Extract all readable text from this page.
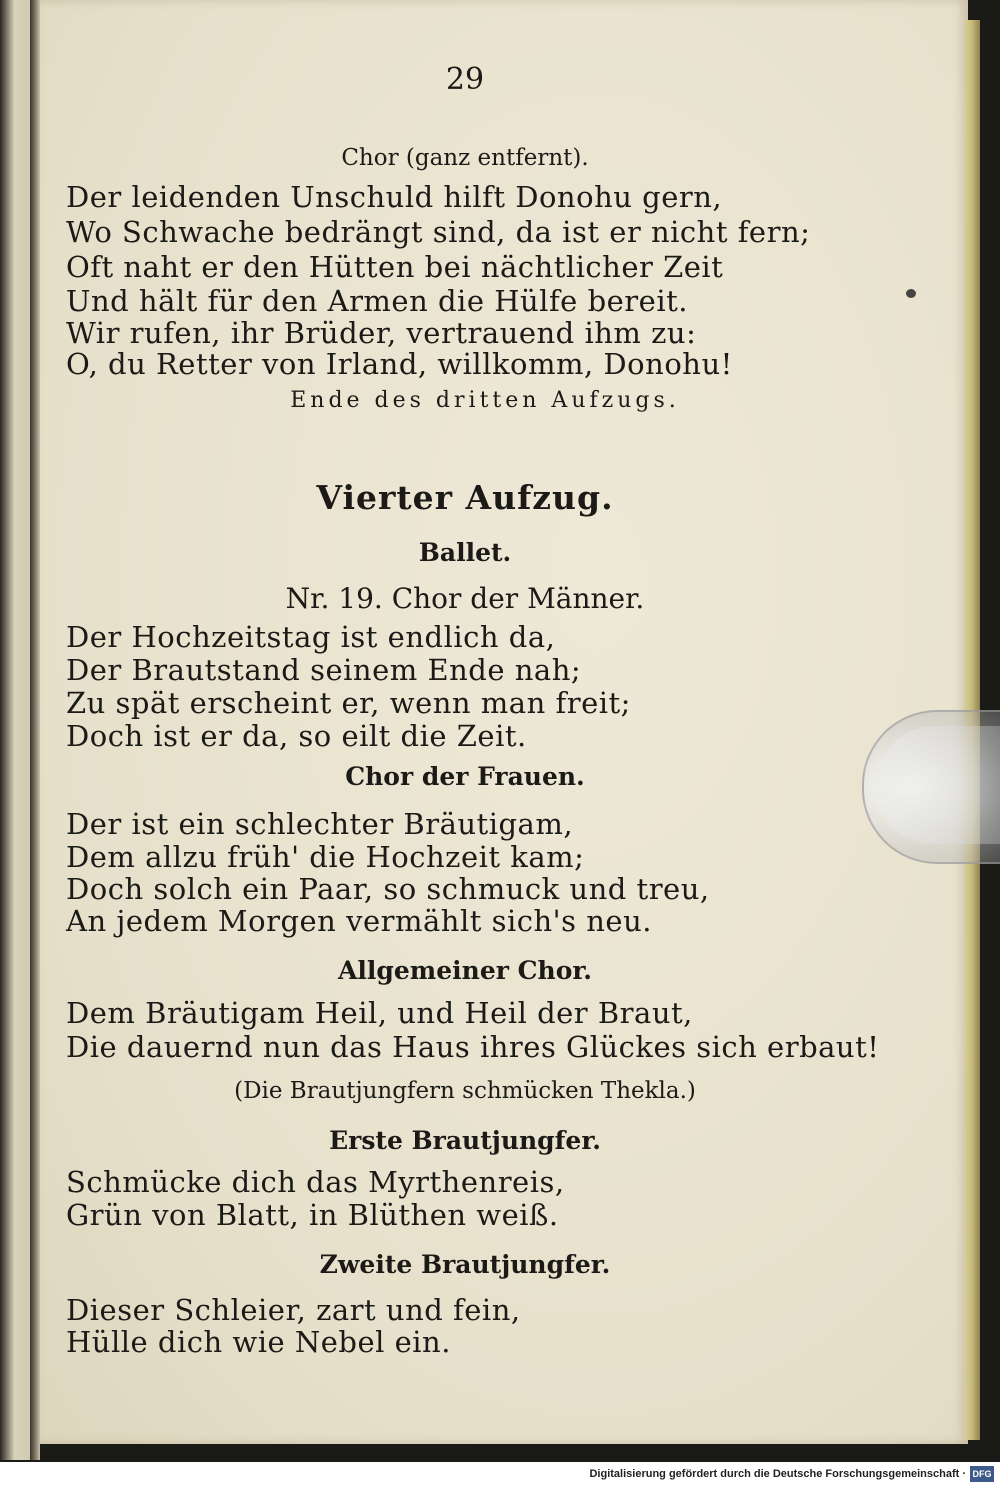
29
Chor (ganz entfernt).
Der leidenden Unschuld hilft Donohu gern,
Wo Schwache bedrängt sind, da ist er nicht fern;
Oft naht er den Hütten bei nächtlicher Zeit
Und hält für den Armen die Hülfe bereit.
Wir rufen, ihr Brüder, vertrauend ihm zu:
O, du Retter von Irland, willkomm, Donohu!
Ende des dritten Aufzugs.
Vierter Aufzug.
Ballet.
Nr. 19. Chor der Männer.
Der Hochzeitstag ist endlich da,
Der Brautstand seinem Ende nah;
Zu spät erscheint er, wenn man freit;
Doch ist er da, so eilt die Zeit.
Chor der Frauen.
Der ist ein schlechter Bräutigam,
Dem allzu früh' die Hochzeit kam;
Doch solch ein Paar, so schmuck und treu,
An jedem Morgen vermählt sich's neu.
Allgemeiner Chor.
Dem Bräutigam Heil, und Heil der Braut,
Die dauernd nun das Haus ihres Glückes sich erbaut!
(Die Brautjungfern schmücken Thekla.)
Erste Brautjungfer.
Schmücke dich das Myrthenreis,
Grün von Blatt, in Blüthen weiß.
Zweite Brautjungfer.
Dieser Schleier, zart und fein,
Hülle dich wie Nebel ein.
Digitalisierung gefördert durch die Deutsche Forschungsgemeinschaft · DFG
